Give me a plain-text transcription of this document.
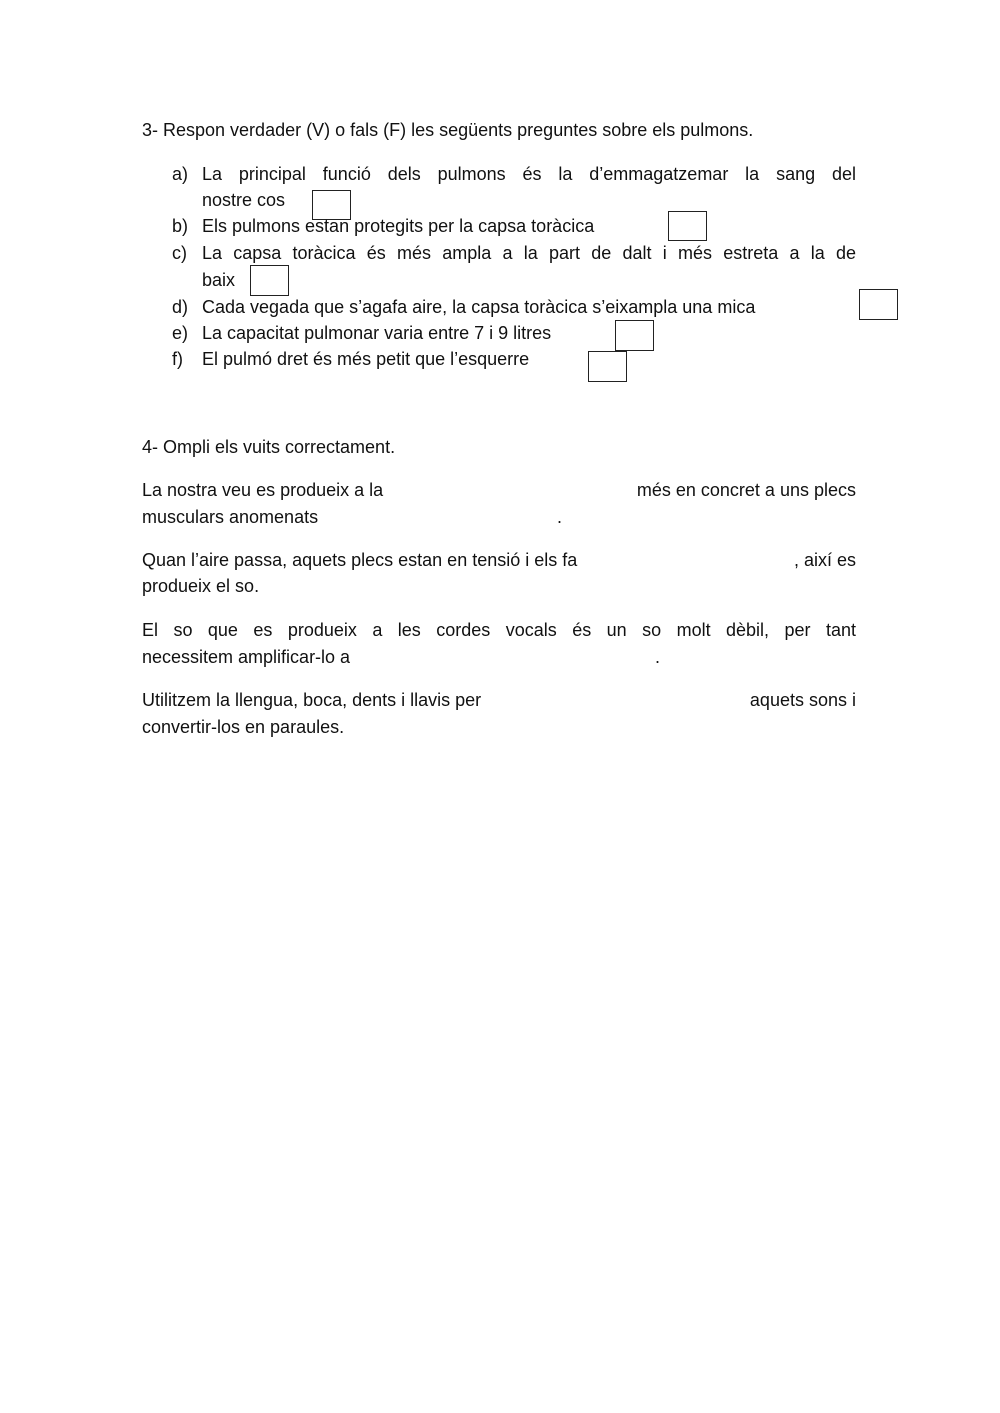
3- Respon verdader (V) o fals (F) les següents preguntes sobre els pulmons.
a) La principal funció dels pulmons és la d’emmagatzemar la sang del
nostre cos
b) Els pulmons estan protegits per la capsa toràcica
c) La capsa toràcica és més ampla a la part de dalt i més estreta a la de
baix
d) Cada vegada que s’agafa aire, la capsa toràcica s’eixampla una mica
e) La capacitat pulmonar varia entre 7 i 9 litres
f) El pulmó dret és més petit que l’esquerre
4- Ompli els vuits correctament.
La nostra veu es produeix a la	més en concret a uns plecs
musculars anomenats	.
Quan l’aire passa, aquets plecs estan en tensió i els fa	, així es
produeix el so.
El so que es produeix a les cordes vocals és un so molt dèbil, per tant
necessitem amplificar-lo a	.
Utilitzem la llengua, boca, dents i llavis per	aquets sons i
convertir-los en paraules.
